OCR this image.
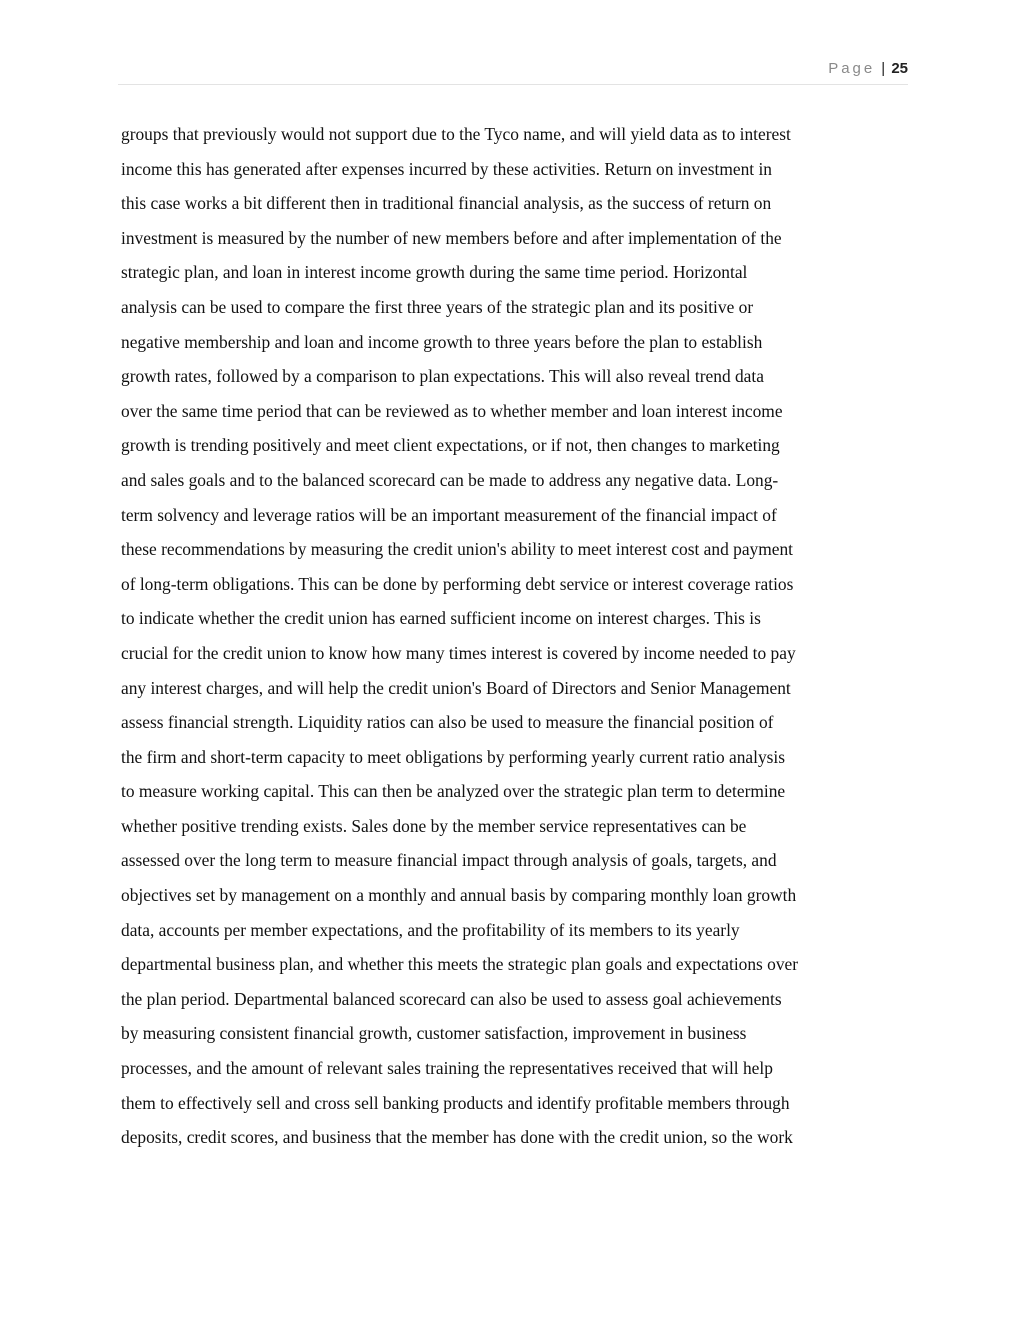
Page | 25
groups that previously would not support due to the Tyco name, and will yield data as to interest
income this has generated after expenses incurred by these activities. Return on investment in
this case works a bit different then in traditional financial analysis, as the success of return on
investment is measured by the number of new members before and after implementation of the
strategic plan, and loan in interest income growth during the same time period. Horizontal
analysis can be used to compare the first three years of the strategic plan and its positive or
negative membership and loan and income growth to three years before the plan to establish
growth rates, followed by a comparison to plan expectations. This will also reveal trend data
over the same time period that can be reviewed as to whether member and loan interest income
growth is trending positively and meet client expectations, or if not, then changes to marketing
and sales goals and to the balanced scorecard can be made to address any negative data. Long-
term solvency and leverage ratios will be an important measurement of the financial impact of
these recommendations by measuring the credit union's ability to meet interest cost and payment
of long-term obligations. This can be done by performing debt service or interest coverage ratios
to indicate whether the credit union has earned sufficient income on interest charges. This is
crucial for the credit union to know how many times interest is covered by income needed to pay
any interest charges, and will help the credit union's Board of Directors and Senior Management
assess financial strength. Liquidity ratios can also be used to measure the financial position of
the firm and short-term capacity to meet obligations by performing yearly current ratio analysis
to measure working capital. This can then be analyzed over the strategic plan term to determine
whether positive trending exists. Sales done by the member service representatives can be
assessed over the long term to measure financial impact through analysis of goals, targets, and
objectives set by management on a monthly and annual basis by comparing monthly loan growth
data, accounts per member expectations, and the profitability of its members to its yearly
departmental business plan, and whether this meets the strategic plan goals and expectations over
the plan period. Departmental balanced scorecard can also be used to assess goal achievements
by measuring consistent financial growth, customer satisfaction, improvement in business
processes, and the amount of relevant sales training the representatives received that will help
them to effectively sell and cross sell banking products and identify profitable members through
deposits, credit scores, and business that the member has done with the credit union, so the work
